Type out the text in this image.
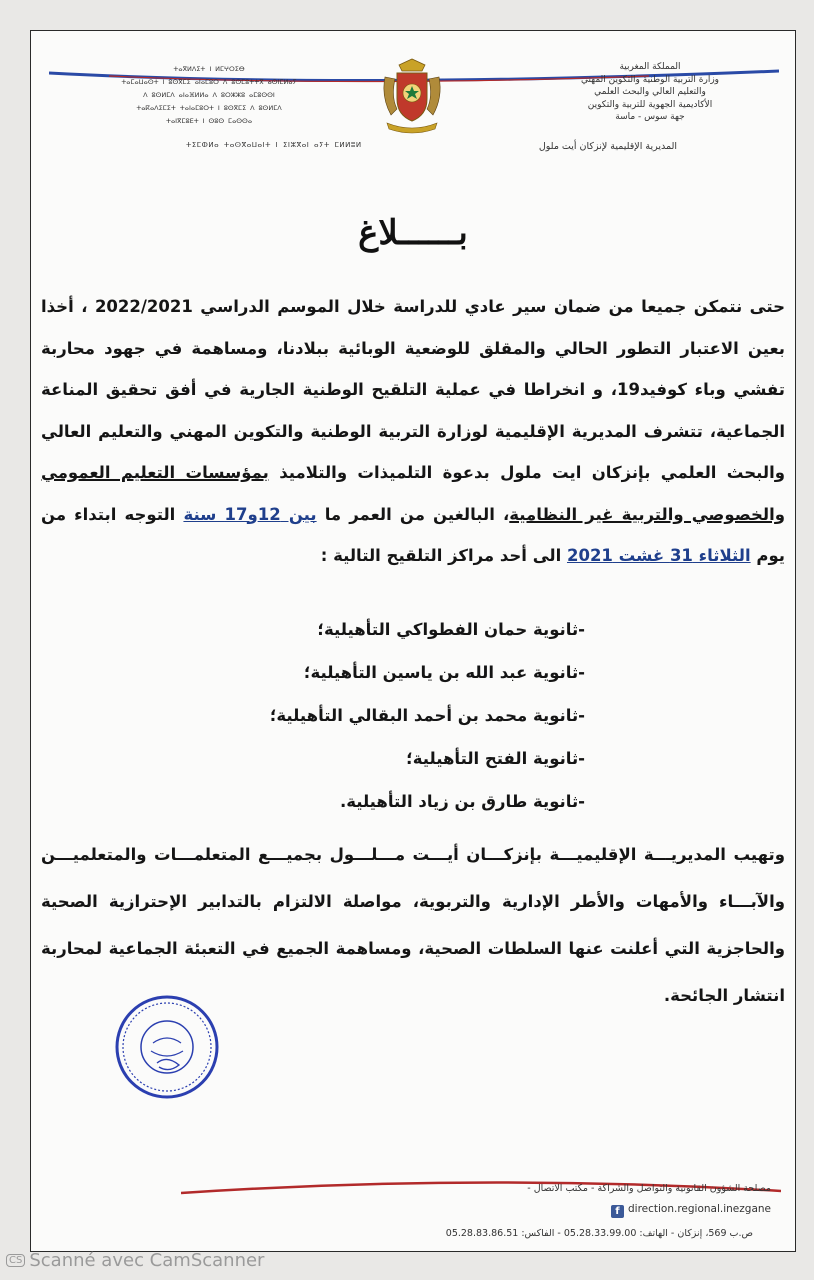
ⵜⴰⴳⵍⴷⵉⵜ ⵏ ⵍⵎⵖⵔⵉⴱ
ⵜⴰⵎⴰⵡⴰⵙⵜ ⵏ ⵓⵙⴳⵎⵉ ⴰⵏⴰⵎⵓⵔ ⴷ ⵓⵙⵎⵓⵜⵜⴳ ⴰⵙⵏⵎⵍⴰⵢ
ⴷ ⵓⵙⵍⵎⴷ ⴰⵏⴰⴼⵍⵍⴰ ⴷ ⵓⵔⵣⵣⵓ ⴰⵎⵓⵙⵙⵏ
ⵜⴰⴽⴰⴷⵉⵎⵉⵜ ⵜⴰⵏⴰⵎⵓⵔⵜ ⵏ ⵓⵙⴳⵎⵉ ⴷ ⵓⵙⵍⵎⴷ
ⵜⴰⵏⴳⵎⵓⴹⵜ ⵏ ⵙⵓⵙ ⵎⴰⵙⵙⴰ
المملكة المغربية
وزارة التربية الوطنية والتكوين المهني
والتعليم العالي والبحث العلمي
الأكاديمية الجهوية للتربية والتكوين
جهة سوس - ماسة
ⵜⵉⵎⵀⵍⴰ ⵜⴰⵙⴳⴰⵡⴰⵏⵜ ⵏ ⵉⵏⵣⴳⴰⵏ ⴰⵢⵜ ⵎⵍⵍⵓⵍ	المديرية الإقليمية لإنزكان أيت ملول
بــــــلاغ

حتى نتمكن جميعا من ضمان سير عادي للدراسة خلال الموسم الدراسي 2022/2021 ، أخذا بعين الاعتبار التطور الحالي والمقلق للوضعية الوبائية ببلادنا، ومساهمة في جهود محاربة تفشي وباء كوفيد19، و انخراطا في عملية التلقيح الوطنية الجارية في أفق تحقيق المناعة الجماعية، تتشرف المديرية الإقليمية لوزارة التربية الوطنية والتكوين المهني والتعليم العالي والبحث العلمي بإنزكان ايت ملول بدعوة التلميذات والتلاميذ بمؤسسات التعليم العمومي والخصوصي والتربية غير النظامية، البالغين من العمر ما بين 12و17 سنة التوجه ابتداء من يوم الثلاثاء 31 غشت 2021 الى أحد مراكز التلقيح التالية :

-ثانوية حمان الفطواكي التأهيلية؛
-ثانوية عبد الله بن ياسين التأهيلية؛
-ثانوية محمد بن أحمد البقالي التأهيلية؛
-ثانوية الفتح التأهيلية؛
-ثانوية طارق بن زياد التأهيلية.

وتهيب المديريـــة الإقليميـــة بإنزكـــان أيـــت مـــلـــول بجميـــع المتعلمـــات والمتعلميـــن والآبـــاء والأمهات والأطر الإدارية والتربوية، مواصلة الالتزام بالتدابير الإحترازية الصحية والحاجزية التي أعلنت عنها السلطات الصحية، ومساهمة الجميع في التعبئة الجماعية لمحاربة انتشار الجائحة.

مصلحة الشؤون القانونية والتواصل والشراكة - مكتب الاتصال -
f direction.regional.inezgane
ص.ب 569، إنزكان - الهاتف: 05.28.33.99.00 - الفاكس: 05.28.83.86.51
CS Scanné avec CamScanner
